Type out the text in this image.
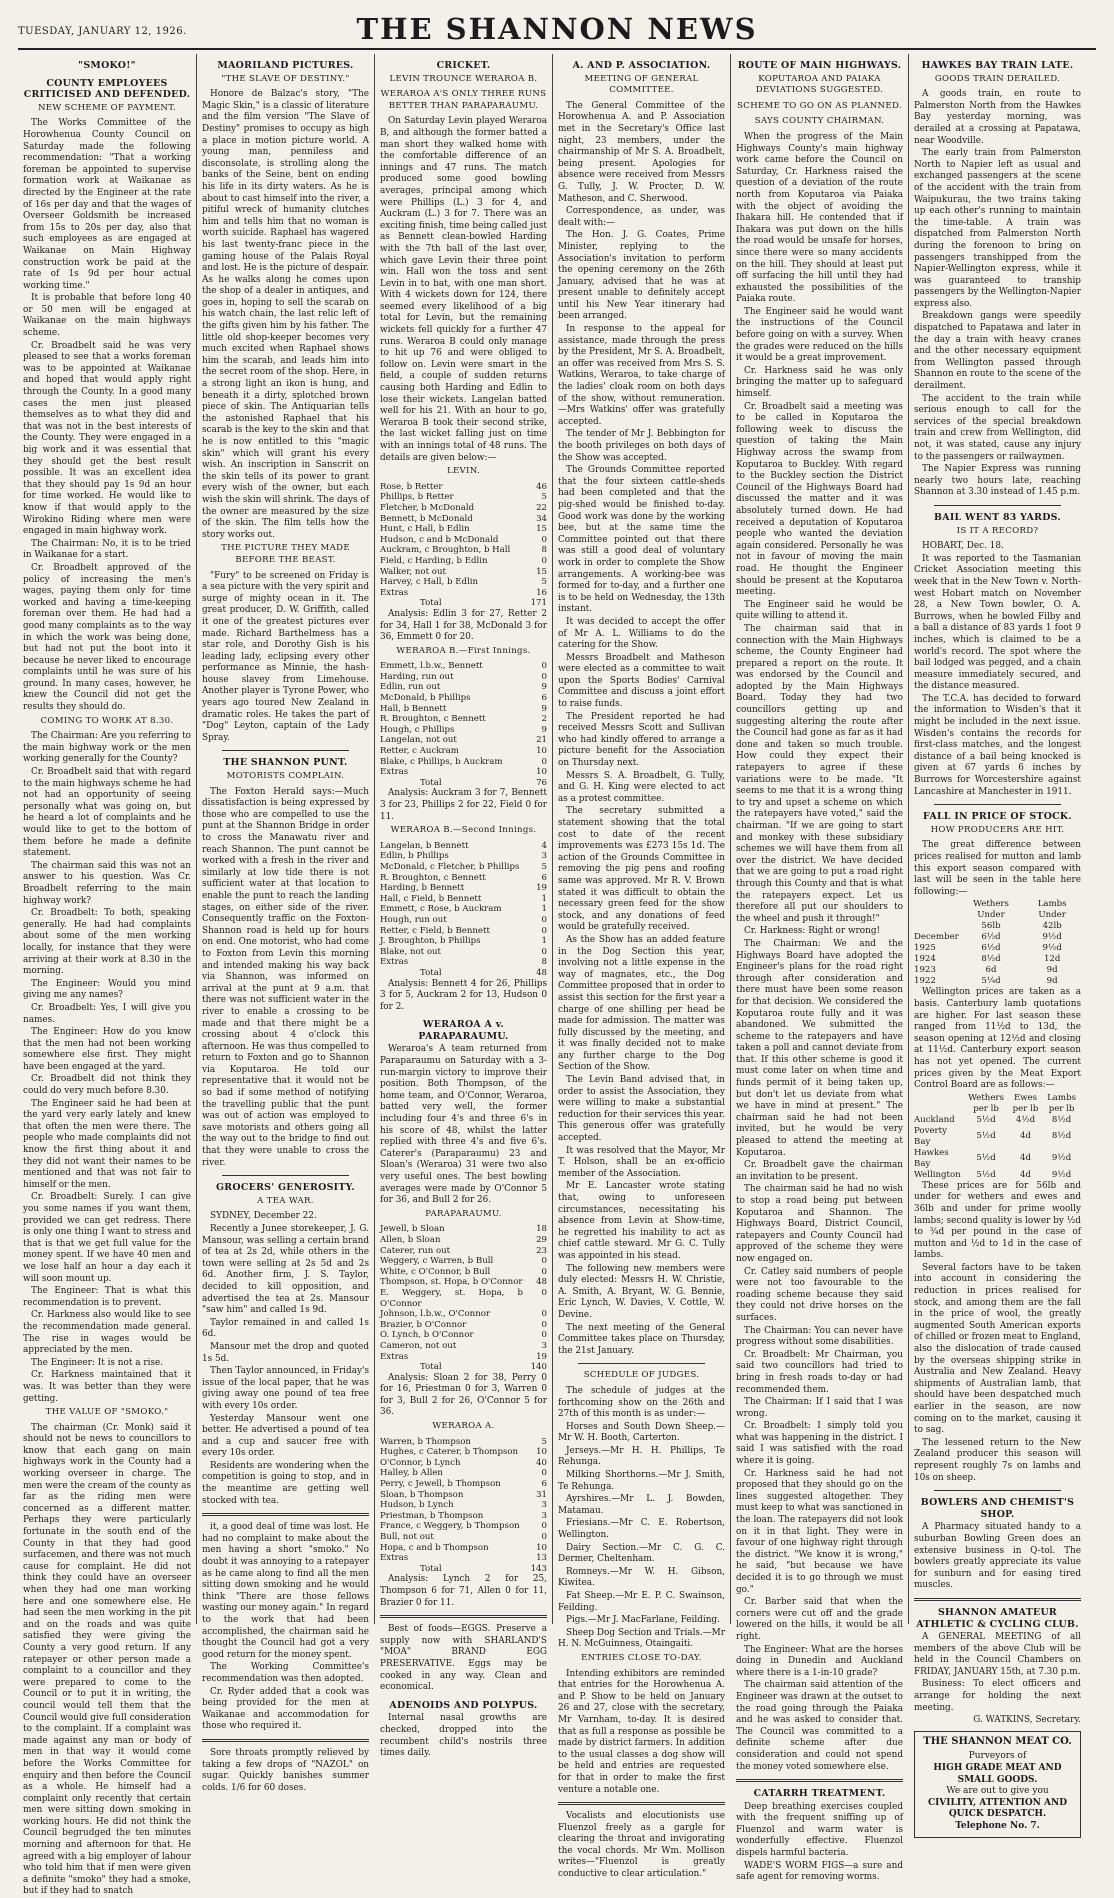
TUESDAY, JANUARY 12, 1926.	THE SHANNON NEWS
"SMOKO!"
COUNTY EMPLOYEES CRITICISED AND DEFENDED.
NEW SCHEME OF PAYMENT.

The Works Committee of the Horowhenua County Council on Saturday made the following recommendation: "That a working foreman be appointed to supervise formation work at Waikanae as directed by the Engineer at the rate of 16s per day and that the wages of Overseer Goldsmith be increased from 15s to 20s per day, also that such employees as are engaged at Waikanae on Main Highway construction work be paid at the rate of 1s 9d per hour actual working time."

It is probable that before long 40 or 50 men will be engaged at Waikanae on the main highways scheme.

Cr. Broadbelt said he was very pleased to see that a works foreman was to be appointed at Waikanae and hoped that would apply right through the County. In a good many cases the men just pleased themselves as to what they did and that was not in the best interests of the County. They were engaged in a big work and it was essential that they should get the best result possible. It was an excellent idea that they should pay 1s 9d an hour for time worked. He would like to know if that would apply to the Wirokino Riding where men were engaged in main highway work.

The Chairman: No, it is to be tried in Waikanae for a start.

Cr. Broadbelt approved of the policy of increasing the men's wages, paying them only for time worked and having a time-keeping foreman over them. He had had a good many complaints as to the way in which the work was being done, but had not put the boot into it because he never liked to encourage complaints until he was sure of his ground. In many cases, however, he knew the Council did not get the results they should do.

COMING TO WORK AT 8.30.

The Chairman: Are you referring to the main highway work or the men working generally for the County?

Cr. Broadbelt said that with regard to the main highways scheme he had not had an opportunity of seeing personally what was going on, but he heard a lot of complaints and he would like to get to the bottom of them before he made a definite statement.

The chairman said this was not an answer to his question. Was Cr. Broadbelt referring to the main highway work?

Cr. Broadbelt: To both, speaking generally. He had had complaints about some of the men working locally, for instance that they were arriving at their work at 8.30 in the morning.

The Engineer: Would you mind giving me any names?

Cr. Broadbelt: Yes, I will give you names.

The Engineer: How do you know that the men had not been working somewhere else first. They might have been engaged at the yard.

Cr. Broadbelt did not think they could do very much before 8.30.

The Engineer said he had been at the yard very early lately and knew that often the men were there. The people who made complaints did not know the first thing about it and they did not want their names to be mentioned and that was not fair to himself or the men.

Cr. Broadbelt: Surely. I can give you some names if you want them, provided we can get redress. There is only one thing I want to stress and that is that we get full value for the money spent. If we have 40 men and we lose half an hour a day each it will soon mount up.

The Engineer: That is what this recommendation is to prevent.

Cr. Harkness also would like to see the recommendation made general. The rise in wages would be appreciated by the men.

The Engineer: It is not a rise.

Cr. Harkness maintained that it was. It was better than they were getting.

THE VALUE OF "SMOKO."

The chairman (Cr. Monk) said it should not be news to councillors to know that each gang on main highways work in the County had a working overseer in charge. The men were the cream of the county as far as the riding men were concerned as a different matter. Perhaps they were particularly fortunate in the south end of the County in that they had good surfacemen, and there was not much cause for complaint. He did not think they could have an overseer when they had one man working here and one somewhere else. He had seen the men working in the pit and on the roads and was quite satisfied they were giving the County a very good return. If any ratepayer or other person made a complaint to a councillor and they were prepared to come to the Council or to put it in writing, the council would tell them that the Council would give full consideration to the complaint. If a complaint was made against any man or body of men in that way it would come before the Works Committee for enquiry and then before the Council as a whole. He himself had a complaint only recently that certain men were sitting down smoking in working hours. He did not think the Council begrudged the ten minutes morning and afternoon for that. He agreed with a big employer of labour who told him that if men were given a definite "smoko" they had a smoke, but if they had to snatch

MAORILAND PICTURES.
"THE SLAVE OF DESTINY."

Honore de Balzac's story, "The Magic Skin," is a classic of literature and the film version "The Slave of Destiny" promises to occupy as high a place in motion picture world. A young man, penniless and disconsolate, is strolling along the banks of the Seine, bent on ending his life in its dirty waters. As he is about to cast himself into the river, a pitiful wreck of humanity clutches him and tells him that no woman is worth suicide. Raphael has wagered his last twenty-franc piece in the gaming house of the Palais Royal and lost. He is the picture of despair. As he walks along he comes upon the shop of a dealer in antiques, and goes in, hoping to sell the scarab on his watch chain, the last relic left of the gifts given him by his father. The little old shop-keeper becomes very much excited when Raphael shows him the scarab, and leads him into the secret room of the shop. Here, in a strong light an ikon is hung, and beneath it a dirty, splotched brown piece of skin. The Antiquarian tells the astonished Raphael that his scarab is the key to the skin and that he is now entitled to this "magic skin" which will grant his every wish. An inscription in Sanscrit on the skin tells of its power to grant every wish of the owner, but each wish the skin will shrink. The days of the owner are measured by the size of the skin. The film tells how the story works out.

THE PICTURE THEY MADE BEFORE THE BEAST.

"Fury" to be screened on Friday is a sea picture with the very spirit and surge of mighty ocean in it. The great producer, D. W. Griffith, called it one of the greatest pictures ever made. Richard Barthelmess has a star role, and Dorothy Gish is his leading lady, eclipsing every other performance as Minnie, the hash-house slavey from Limehouse. Another player is Tyrone Power, who years ago toured New Zealand in dramatic roles. He takes the part of "Dog" Leyton, captain of the Lady Spray.

THE SHANNON PUNT.
MOTORISTS COMPLAIN.

The Foxton Herald says:—Much dissatisfaction is being expressed by those who are compelled to use the punt at the Shannon Bridge in order to cross the Manawatu river and reach Shannon. The punt cannot be worked with a fresh in the river and similarly at low tide there is not sufficient water at that location to enable the punt to reach the landing stages, on either side of the river. Consequently traffic on the Foxton-Shannon road is held up for hours on end. One motorist, who had come to Foxton from Levin this morning and intended making his way back via Shannon, was informed on arrival at the punt at 9 a.m. that there was not sufficient water in the river to enable a crossing to be made and that there might be a crossing about 4 o'clock this afternoon. He was thus compelled to return to Foxton and go to Shannon via Koputaroa. He told our representative that it would not be so bad if some method of notifying the travelling public that the punt was out of action was employed to save motorists and others going all the way out to the bridge to find out that they were unable to cross the river.

GROCERS' GENEROSITY.
A TEA WAR.

SYDNEY, December 22.

Recently a Junee storekeeper, J. G. Mansour, was selling a certain brand of tea at 2s 2d, while others in the town were selling at 2s 5d and 2s 6d. Another firm, J. S. Taylor, decided to kill opposition, and advertised the tea at 2s. Mansour "saw him" and called 1s 9d.

Taylor remained in and called 1s 6d.

Mansour met the drop and quoted 1s 5d.

Then Taylor announced, in Friday's issue of the local paper, that he was giving away one pound of tea free with every 10s order.

Yesterday Mansour went one better. He advertised a pound of tea and a cup and saucer free with every 10s order.

Residents are wondering when the competition is going to stop, and in the meantime are getting well stocked with tea.

it, a good deal of time was lost. He had no complaint to make about the men having a short "smoko." No doubt it was annoying to a ratepayer as he came along to find all the men sitting down smoking and he would think "There are those fellows wasting our money again." In regard to the work that had been accomplished, the chairman said he thought the Council had got a very good return for the money spent.

The Working Committee's recommendation was then adopted.

Cr. Ryder added that a cook was being provided for the men at Waikanae and accommodation for those who required it.

Sore throats promptly relieved by taking a few drops of "NAZOL" on sugar. Quickly banishes summer colds. 1/6 for 60 doses.

CRICKET.
LEVIN TROUNCE WERAROA B.
WERAROA A'S ONLY THREE RUNS BETTER THAN PARAPARAUMU.

On Saturday Levin played Weraroa B, and although the former batted a man short they walked home with the comfortable difference of an innings and 47 runs. The match produced some good bowling averages, principal among which were Phillips (L.) 3 for 4, and Auckram (L.) 3 for 7. There was an exciting finish, time being called just as Bennett clean-bowled Harding with the 7th ball of the last over, which gave Levin their three point win. Hall won the toss and sent Levin in to bat, with one man short. With 4 wickets down for 124, there seemed every likelihood of a big total for Levin, but the remaining wickets fell quickly for a further 47 runs. Weraroa B could only manage to hit up 76 and were obliged to follow on. Levin were smart in the field, a couple of sudden returns causing both Harding and Edlin to lose their wickets. Langelan batted well for his 21. With an hour to go, Weraroa B took their second strike, the last wicket falling just on time with an innings total of 48 runs. The details are given below:—

LEVIN.
Rose, b Retter	46
Phillips, b Retter	5
Fletcher, b McDonald	22
Bennett, b McDonald	34
Hunt, c Hall, b Edlin	15
Hudson, c and b McDonald	0
Auckram, c Broughton, b Hall	8
Field, c Harding, b Edlin	0
Walker, not out	15
Harvey, c Hall, b Edlin	5
Extras	16
Total	171

Analysis: Edlin 3 for 27, Retter 2 for 34, Hall 1 for 38, McDonald 3 for 36, Emmett 0 for 20.

WERAROA B.—First Innings.
Emmett, l.b.w., Bennett	0
Harding, run out	0
Edlin, run out	9
McDonald, b Phillips	6
Hall, b Bennett	9
R. Broughton, c Bennett	2
Hough, c Phillips	9
Langelan, not out	21
Retter, c Auckram	10
Blake, c Phillips, b Auckram	0
Extras	10
Total	76

Analysis: Auckram 3 for 7, Bennett 3 for 23, Phillips 2 for 22, Field 0 for 11.

WERAROA B.—Second Innings.
Langelan, b Bennett	4
Edlin, b Phillips	3
McDonald, c Fletcher, b Phillips	5
R. Broughton, c Bennett	6
Harding, b Bennett	19
Hall, c Field, b Bennett	1
Emmett, c Rose, b Auckram	1
Hough, run out	0
Retter, c Field, b Bennett	0
J. Broughton, b Phillips	1
Blake, not out	0
Extras	8
Total	48

Analysis: Bennett 4 for 26, Phillips 3 for 5, Auckram 2 for 13, Hudson 0 for 2.

WERAROA A v. PARAPARAUMU.

Weraroa's A team returned from Paraparaumu on Saturday with a 3-run-margin victory to improve their position. Both Thompson, of the home team, and O'Connor, Weraroa, batted very well, the former including four 4's and three 6's in his score of 48, whilst the latter replied with three 4's and five 6's. Caterer's (Paraparaumu) 23 and Sloan's (Weraroa) 31 were two also very useful ones. The best bowling averages were made by O'Connor 5 for 36, and Bull 2 for 26.

PARAPARAUMU.
Jewell, b Sloan	18
Allen, b Sloan	29
Caterer, run out	23
Weggery, c Warren, b Bull	0
White, c O'Connor, b Bull	0
Thompson, st. Hopa, b O'Connor	48
E. Weggery, st. Hopa, b O'Connor	0
Johnson, l.b.w., O'Connor	0
Brazier, b O'Connor	0
O. Lynch, b O'Connor	0
Cameron, not out	3
Extras	19
Total	140

Analysis: Sloan 2 for 38, Perry 0 for 16, Priestman 0 for 3, Warren 0 for 3, Bull 2 for 26, O'Connor 5 for 36.

WERAROA A.
Warren, b Thompson	5
Hughes, c Caterer, b Thompson	10
O'Connor, b Lynch	40
Halley, b Allen	0
Perry, c Jewell, b Thompson	6
Sloan, b Thompson	31
Hudson, b Lynch	3
Priestman, b Thompson	3
France, c Weggery, b Thompson	0
Bull, not out	0
Hopa, c and b Thompson	10
Extras	13
Total	143

Analysis: Lynch 2 for 25, Thompson 6 for 71, Allen 0 for 11, Brazier 0 for 11.

Best of foods—EGGS. Preserve a supply now with SHARLAND'S "MOA" BRAND EGG PRESERVATIVE. Eggs may be cooked in any way. Clean and economical.

ADENOIDS AND POLYPUS.

Internal nasal growths are checked, dropped into the recumbent child's nostrils three times daily.

A. AND P. ASSOCIATION.
MEETING OF GENERAL COMMITTEE.

The General Committee of the Horowhenua A. and P. Association met in the Secretary's Office last night, 23 members, under the chairmanship of Mr S. A. Broadbelt, being present. Apologies for absence were received from Messrs G. Tully, J. W. Procter, D. W. Matheson, and C. Sherwood.

Correspondence, as under, was dealt with:—

The Hon. J. G. Coates, Prime Minister, replying to the Association's invitation to perform the opening ceremony on the 26th January, advised that he was at present unable to definitely accept until his New Year itinerary had been arranged.

In response to the appeal for assistance, made through the press by the President, Mr S. A. Broadbelt, an offer was received from Mrs S. S. Watkins, Weraroa, to take charge of the ladies' cloak room on both days of the show, without remuneration.—Mrs Watkins' offer was gratefully accepted.

The tender of Mr J. Bebbington for the booth privileges on both days of the Show was accepted.

The Grounds Committee reported that the four sixteen cattle-sheds had been completed and that the pig-shed would be finished to-day. Good work was done by the working bee, but at the same time the Committee pointed out that there was still a good deal of voluntary work in order to complete the Show arrangements. A working-bee was formed for to-day, and a further one is to be held on Wednesday, the 13th instant.

It was decided to accept the offer of Mr A. L. Williams to do the catering for the Show.

Messrs Broadbelt and Matheson were elected as a committee to wait upon the Sports Bodies' Carnival Committee and discuss a joint effort to raise funds.

The President reported he had received Messrs Scott and Sullivan who had kindly offered to arrange a picture benefit for the Association on Thursday next.

Messrs S. A. Broadbelt, G. Tully, and G. H. King were elected to act as a protest committee.

The secretary submitted a statement showing that the total cost to date of the recent improvements was £273 15s 1d. The action of the Grounds Committee in removing the pig pens and roofing same was approved. Mr R. V. Brown stated it was difficult to obtain the necessary green feed for the show stock, and any donations of feed would be gratefully received.

As the Show has an added feature in the Dog Section this year, involving not a little expense in the way of magnates, etc., the Dog Committee proposed that in order to assist this section for the first year a charge of one shilling per head be made for admission. The matter was fully discussed by the meeting, and it was finally decided not to make any further charge to the Dog Section of the Show.

The Levin Band advised that, in order to assist the Association, they were willing to make a substantial reduction for their services this year. This generous offer was gratefully accepted.

It was resolved that the Mayor, Mr T. Holson, shall be an ex-officio member of the Association.

Mr E. Lancaster wrote stating that, owing to unforeseen circumstances, necessitating his absence from Levin at Show-time, he regretted his inability to act as chief cattle steward. Mr G. C. Tully was appointed in his stead.

The following new members were duly elected: Messrs H. W. Christie, A. Smith, A. Bryant, W. G. Bennie, Eric Lynch, W. Davies, V. Cottle, W. Devine.

The next meeting of the General Committee takes place on Thursday, the 21st January.

SCHEDULE OF JUDGES.

The schedule of judges at the forthcoming show on the 26th and 27th of this month is as under:—

Horses and South Down Sheep.—Mr W. H. Booth, Carterton.

Jerseys.—Mr H. H. Phillips, Te Rehunga.

Milking Shorthorns.—Mr J. Smith, Te Rehunga.

Ayrshires.—Mr L. J. Bowden, Matamau.

Friesians.—Mr C. E. Robertson, Wellington.

Dairy Section.—Mr C. G. C. Dermer, Cheltenham.

Romneys.—Mr W. H. Gibson, Kiwitea.

Fat Sheep.—Mr E. P. C. Swainson, Feilding.

Pigs.—Mr J. MacFarlane, Feilding.

Sheep Dog Section and Trials.—Mr H. N. McGuinness, Otaingaiti.

ENTRIES CLOSE TO-DAY.

Intending exhibitors are reminded that entries for the Horowhenua A. and P. Show to be held on January 26 and 27, close with the secretary, Mr Varnham, to-day. It is desired that as full a response as possible be made by district farmers. In addition to the usual classes a dog show will be held and entries are requested for that in order to make the first venture a notable one.

Vocalists and elocutionists use Fluenzol freely as a gargle for clearing the throat and invigorating the vocal chords. Mr Wm. Mollison writes—"Fluenzol is greatly conductive to clear articulation."

ROUTE OF MAIN HIGHWAYS.
KOPUTAROA AND PAIAKA DEVIATIONS SUGGESTED.
SCHEME TO GO ON AS PLANNED.
SAYS COUNTY CHAIRMAN.

When the progress of the Main Highways County's main highway work came before the Council on Saturday, Cr. Harkness raised the question of a deviation of the route north from Koputaroa via Paiaka with the object of avoiding the Ihakara hill. He contended that if Ihakara was put down on the hills the road would be unsafe for horses, since there were so many accidents on the hill. They should at least put off surfacing the hill until they had exhausted the possibilities of the Paiaka route.

The Engineer said he would want the instructions of the Council before going on with a survey. When the grades were reduced on the hills it would be a great improvement.

Cr. Harkness said he was only bringing the matter up to safeguard himself.

Cr. Broadbelt said a meeting was to be called in Koputaroa the following week to discuss the question of taking the Main Highway across the swamp from Koputaroa to Buckley. With regard to the Buckley section the District Council of the Highways Board had discussed the matter and it was absolutely turned down. He had received a deputation of Koputaroa people who wanted the deviation again considered. Personally he was not in favour of moving the main road. He thought the Engineer should be present at the Koputaroa meeting.

The Engineer said he would be quite willing to attend it.

The chairman said that in connection with the Main Highways scheme, the County Engineer had prepared a report on the route. It was endorsed by the Council and adopted by the Main Highways Board. Today they had two councillors getting up and suggesting altering the route after the Council had gone as far as it had done and taken so much trouble. How could they expect their ratepayers to agree if these variations were to be made. "It seems to me that it is a wrong thing to try and upset a scheme on which the ratepayers have voted," said the chairman. "If we are going to start and monkey with these subsidiary schemes we will have them from all over the district. We have decided that we are going to put a road right through this County and that is what the ratepayers expect. Let us therefore all put our shoulders to the wheel and push it through!"

Cr. Harkness: Right or wrong!

The Chairman: We and the Highways Board have adopted the Engineer's plans for the road right through after consideration and there must have been some reason for that decision. We considered the Koputaroa route fully and it was abandoned. We submitted the scheme to the ratepayers and have taken a poll and cannot deviate from that. If this other scheme is good it must come later on when time and funds permit of it being taken up, but don't let us deviate from what we have in mind at present." The chairman said he had not been invited, but he would be very pleased to attend the meeting at Koputaroa.

Cr. Broadbelt gave the chairman an invitation to be present.

The chairman said he had no wish to stop a road being put between Koputaroa and Shannon. The Highways Board, District Council, ratepayers and County Council had approved of the scheme they were now engaged on.

Cr. Catley said numbers of people were not too favourable to the roading scheme because they said they could not drive horses on the surfaces.

The Chairman: You can never have progress without some disabilities.

Cr. Broadbelt: Mr Chairman, you said two councillors had tried to bring in fresh roads to-day or had recommended them.

The Chairman: If I said that I was wrong.

Cr. Broadbelt: I simply told you what was happening in the district. I said I was satisfied with the road where it is going.

Cr. Harkness said he had not proposed that they should go on the lines suggested altogether. They must keep to what was sanctioned in the loan. The ratepayers did not look on it in that light. They were in favour of one highway right through the district. "We know it is wrong," he said, "but because we have decided it is to go through we must go."

Cr. Barber said that when the corners were cut off and the grade lowered on the hills, it would be all right.

The Engineer: What are the horses doing in Dunedin and Auckland where there is a 1-in-10 grade?

The chairman said attention of the Engineer was drawn at the outset to the road going through the Paiaka and he was asked to consider that. The Council was committed to a definite scheme after due consideration and could not spend the money voted somewhere else.

CATARRH TREATMENT.

Deep breathing exercises coupled with the frequent sniffing up of Fluenzol and warm water is wonderfully effective. Fluenzol dispels harmful bacteria.

WADE'S WORM FIGS—a sure and safe agent for removing worms.

HAWKES BAY TRAIN LATE.
GOODS TRAIN DERAILED.

A goods train, en route to Palmerston North from the Hawkes Bay yesterday morning, was derailed at a crossing at Papatawa, near Woodville.

The early train from Palmerston North to Napier left as usual and exchanged passengers at the scene of the accident with the train from Waipukurau, the two trains taking up each other's running to maintain the time-table. A train was dispatched from Palmerston North during the forenoon to bring on passengers transhipped from the Napier-Wellington express, while it was guaranteed to tranship passengers by the Wellington-Napier express also.

Breakdown gangs were speedily dispatched to Papatawa and later in the day a train with heavy cranes and the other necessary equipment from Wellington passed through Shannon en route to the scene of the derailment.

The accident to the train while serious enough to call for the services of the special breakdown train and crew from Wellington, did not, it was stated, cause any injury to the passengers or railwaymen.

The Napier Express was running nearly two hours late, reaching Shannon at 3.30 instead of 1.45 p.m.

BAIL WENT 83 YARDS.
IS IT A RECORD?

HOBART, Dec. 18.

It was reported to the Tasmanian Cricket Association meeting this week that in the New Town v. North-west Hobart match on November 28, a New Town bowler, O. A. Burrows, when he bowled Filby and a ball a distance of 83 yards 1 foot 9 inches, which is claimed to be a world's record. The spot where the bail lodged was pegged, and a chain measure immediately secured, and the distance measured.

The T.C.A. has decided to forward the information to Wisden's that it might be included in the next issue. Wisden's contains the records for first-class matches, and the longest distance of a bail being knocked is given at 67 yards 6 inches by Burrows for Worcestershire against Lancashire at Manchester in 1911.

FALL IN PRICE OF STOCK.
HOW PRODUCERS ARE HIT.

The great difference between prices realised for mutton and lamb this export season compared with last will be seen in the table here following:—

	Wethers Under	Lambs Under
	56lb	42lb
December	6½d	9½d
1925	6½d	9½d
1924	8½d	12d
1923	6d	9d
1922	5¼d	9d

Wellington prices are taken as a basis. Canterbury lamb quotations are higher. For last season these ranged from 11½d to 13d, the season opening at 12½d and closing at 11½d. Canterbury export season has not yet opened. The current prices given by the Meat Export Control Board are as follows:—

	Wethers per lb	Ewes per lb	Lambs per lb
Auckland	5½d	4½d	8½d
Poverty Bay	5½d	4d	8½d
Hawkes Bay	5½d	4d	9½d
Wellington	5½d	4d	9½d

These prices are for 56lb and under for wethers and ewes and 36lb and under for prime woolly lambs; second quality is lower by ½d to ¾d per pound in the case of mutton and ½d to 1d in the case of lambs.

Several factors have to be taken into account in considering the reduction in prices realised for stock, and among them are the fall in the price of wool, the greatly augmented South American exports of chilled or frozen meat to England, also the dislocation of trade caused by the overseas shipping strike in Australia and New Zealand. Heavy shipments of Australian lamb, that should have been despatched much earlier in the season, are now coming on to the market, causing it to sag.

The lessened return to the New Zealand producer this season will represent roughly 7s on lambs and 10s on sheep.

BOWLERS AND CHEMIST'S SHOP.

A Pharmacy situated handy to a suburban Bowling Green does an extensive business in Q-tol. The bowlers greatly appreciate its value for sunburn and for easing tired muscles.

SHANNON AMATEUR ATHLETIC & CYCLING CLUB.

A GENERAL MEETING of all members of the above Club will be held in the Council Chambers on FRIDAY, JANUARY 15th, at 7.30 p.m.

Business: To elect officers and arrange for holding the next meeting.

G. WATKINS, Secretary.

THE SHANNON MEAT CO.
Purveyors of
HIGH GRADE MEAT AND SMALL GOODS.
We are out to give you
CIVILITY, ATTENTION AND QUICK DESPATCH.
Telephone No. 7.
